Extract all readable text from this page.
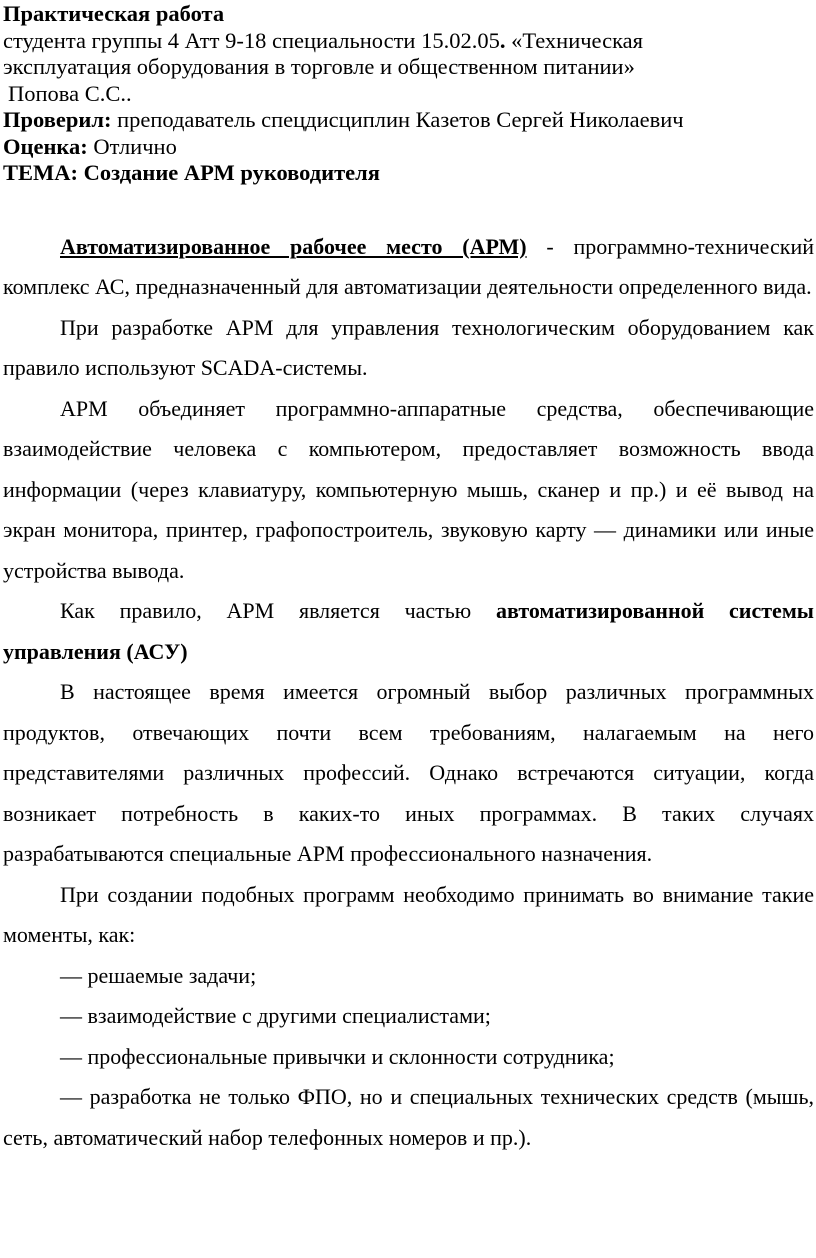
Практическая работа

студента группы 4 Атт 9-18 специальности 15.02.05. «Техническая

эксплуатация оборудования в торговле и общественном питании»

Попова С.С..

Проверил: преподаватель спецдисциплин Казетов Сергей Николаевич

Оценка: Отлично

ТЕМА: Создание АРМ руководителя

Автоматизированное рабочее место (АРМ) - программно-технический комплекс АС, предназначенный для автоматизации деятельности определенного вида.

При разработке АРМ для управления технологическим оборудованием как правило используют SCADA-системы.

АРМ объединяет программно-аппаратные средства, обеспечивающие взаимодействие человека с компьютером, предоставляет возможность ввода информации (через клавиатуру, компьютерную мышь, сканер и пр.) и её вывод на экран монитора, принтер, графопостроитель, звуковую карту — динамики или иные устройства вывода.

Как правило, АРМ является частью автоматизированной системы управления (АСУ)

В настоящее время имеется огромный выбор различных программных продуктов, отвечающих почти всем требованиям, налагаемым на него представителями различных профессий. Однако встречаются ситуации, когда возникает потребность в каких-то иных программах. В таких случаях разрабатываются специальные АРМ профессионального назначения.

При создании подобных программ необходимо принимать во внимание такие моменты, как:

— решаемые задачи;

— взаимодействие с другими специалистами;

— профессиональные привычки и склонности сотрудника;

— разработка не только ФПО, но и специальных технических средств (мышь, сеть, автоматический набор телефонных номеров и пр.).
